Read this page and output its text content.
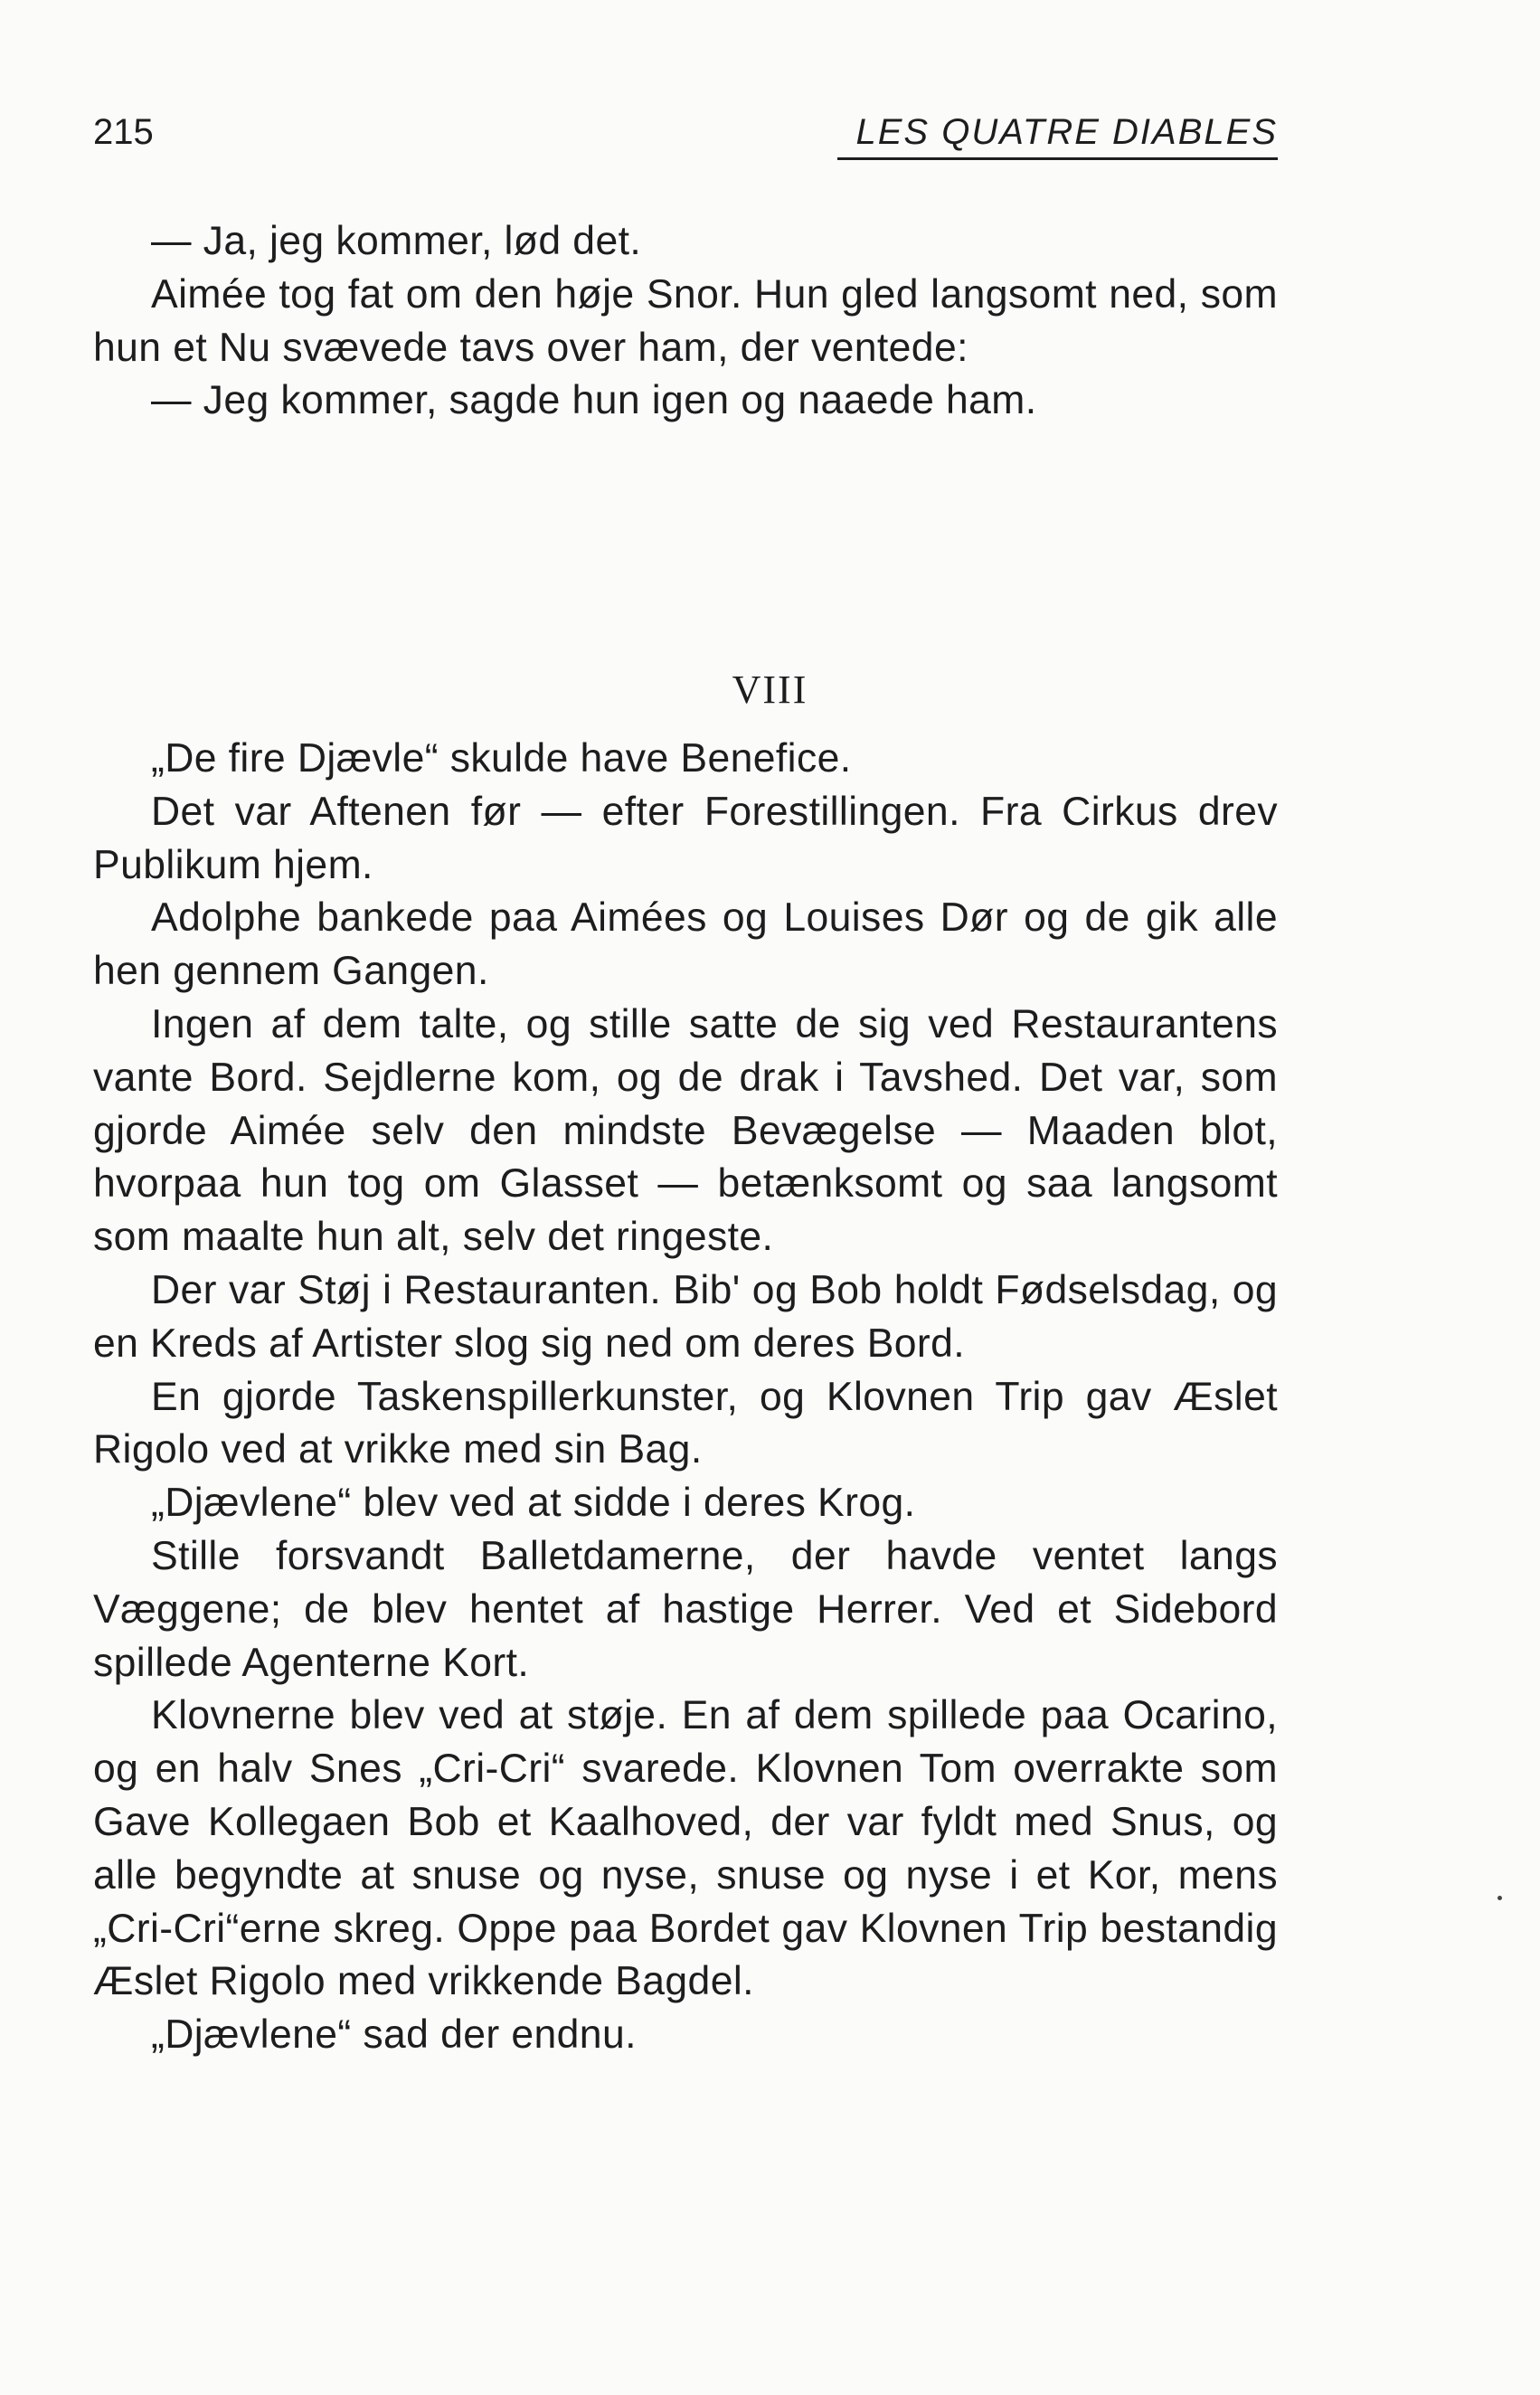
215	LES QUATRE DIABLES

— Ja, jeg kommer, lød det.

Aimée tog fat om den høje Snor. Hun gled langsomt ned, som hun et Nu svævede tavs over ham, der ventede:

— Jeg kommer, sagde hun igen og naaede ham.

VIII

„De fire Djævle“ skulde have Benefice.

Det var Aftenen før — efter Forestillingen. Fra Cirkus drev Publikum hjem.

Adolphe bankede paa Aimées og Louises Dør og de gik alle hen gennem Gangen.

Ingen af dem talte, og stille satte de sig ved Restaurantens vante Bord. Sejdlerne kom, og de drak i Tavshed. Det var, som gjorde Aimée selv den mindste Bevægelse — Maaden blot, hvorpaa hun tog om Glasset — betænksomt og saa langsomt som maalte hun alt, selv det ringeste.

Der var Støj i Restauranten. Bib' og Bob holdt Fødselsdag, og en Kreds af Artister slog sig ned om deres Bord.

En gjorde Taskenspillerkunster, og Klovnen Trip gav Æslet Rigolo ved at vrikke med sin Bag.

„Djævlene“ blev ved at sidde i deres Krog.

Stille forsvandt Balletdamerne, der havde ventet langs Væggene; de blev hentet af hastige Herrer. Ved et Sidebord spillede Agenterne Kort.

Klovnerne blev ved at støje. En af dem spillede paa Ocarino, og en halv Snes „Cri-Cri“ svarede. Klovnen Tom overrakte som Gave Kollegaen Bob et Kaalhoved, der var fyldt med Snus, og alle begyndte at snuse og nyse, snuse og nyse i et Kor, mens „Cri-Cri“erne skreg. Oppe paa Bordet gav Klovnen Trip bestandig Æslet Rigolo med vrikkende Bagdel.

„Djævlene“ sad der endnu.
